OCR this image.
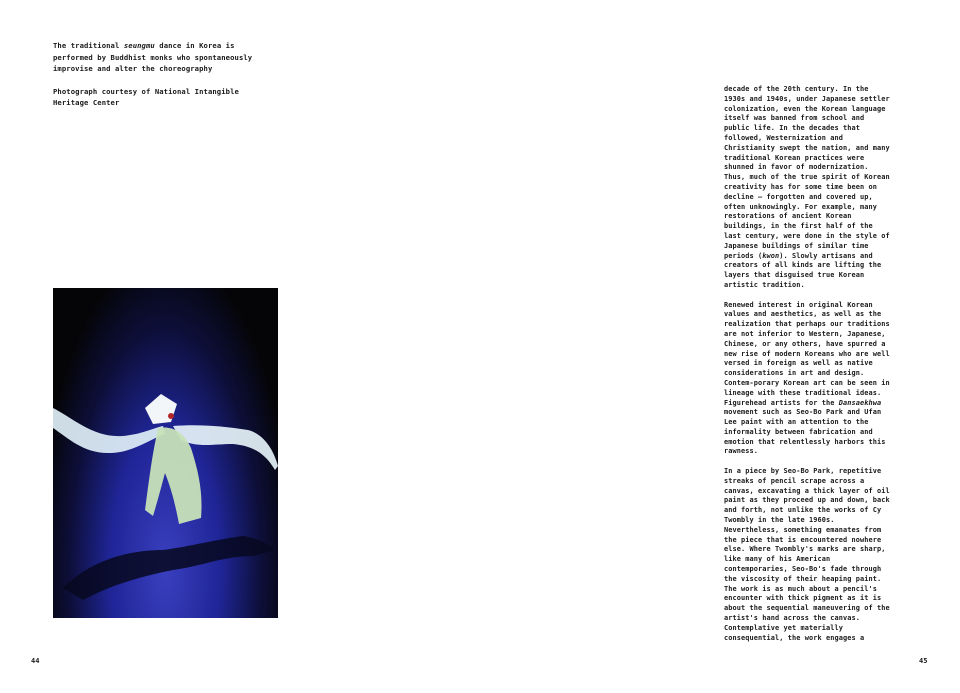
The traditional seungmu dance in Korea is performed by Buddhist monks who spontaneously improvise and alter the choreography

Photograph courtesy of National Intangible Heritage Center

decade of the 20th century. In the 1930s and 1940s, under Japanese settler colonization, even the Korean language itself was banned from school and public life. In the decades that followed, Westernization and Christianity swept the nation, and many traditional Korean practices were shunned in favor of modernization. Thus, much of the true spirit of Korean creativity has for some time been on decline – forgotten and covered up, often unknowingly. For example, many restorations of ancient Korean buildings, in the first half of the last century, were done in the style of Japanese buildings of similar time periods (kwon). Slowly artisans and creators of all kinds are lifting the layers that disguised true Korean artistic tradition.

Renewed interest in original Korean values and aesthetics, as well as the realization that perhaps our traditions are not inferior to Western, Japanese, Chinese, or any others, have spurred a new rise of modern Koreans who are well versed in foreign as well as native considerations in art and design. Contem-porary Korean art can be seen in lineage with these traditional ideas. Figurehead artists for the Dansaekhwa movement such as Seo-Bo Park and Ufan Lee paint with an attention to the informality between fabrication and emotion that relentlessly harbors this rawness.

In a piece by Seo-Bo Park, repetitive streaks of pencil scrape across a canvas, excavating a thick layer of oil paint as they proceed up and down, back and forth, not unlike the works of Cy Twombly in the late 1960s. Nevertheless, something emanates from the piece that is encountered nowhere else. Where Twombly's marks are sharp, like many of his American contemporaries, Seo-Bo's fade through the viscosity of their heaping paint. The work is as much about a pencil's encounter with thick pigment as it is about the sequential maneuvering of the artist's hand across the canvas. Contemplative yet materially consequential, the work engages a

44	45
